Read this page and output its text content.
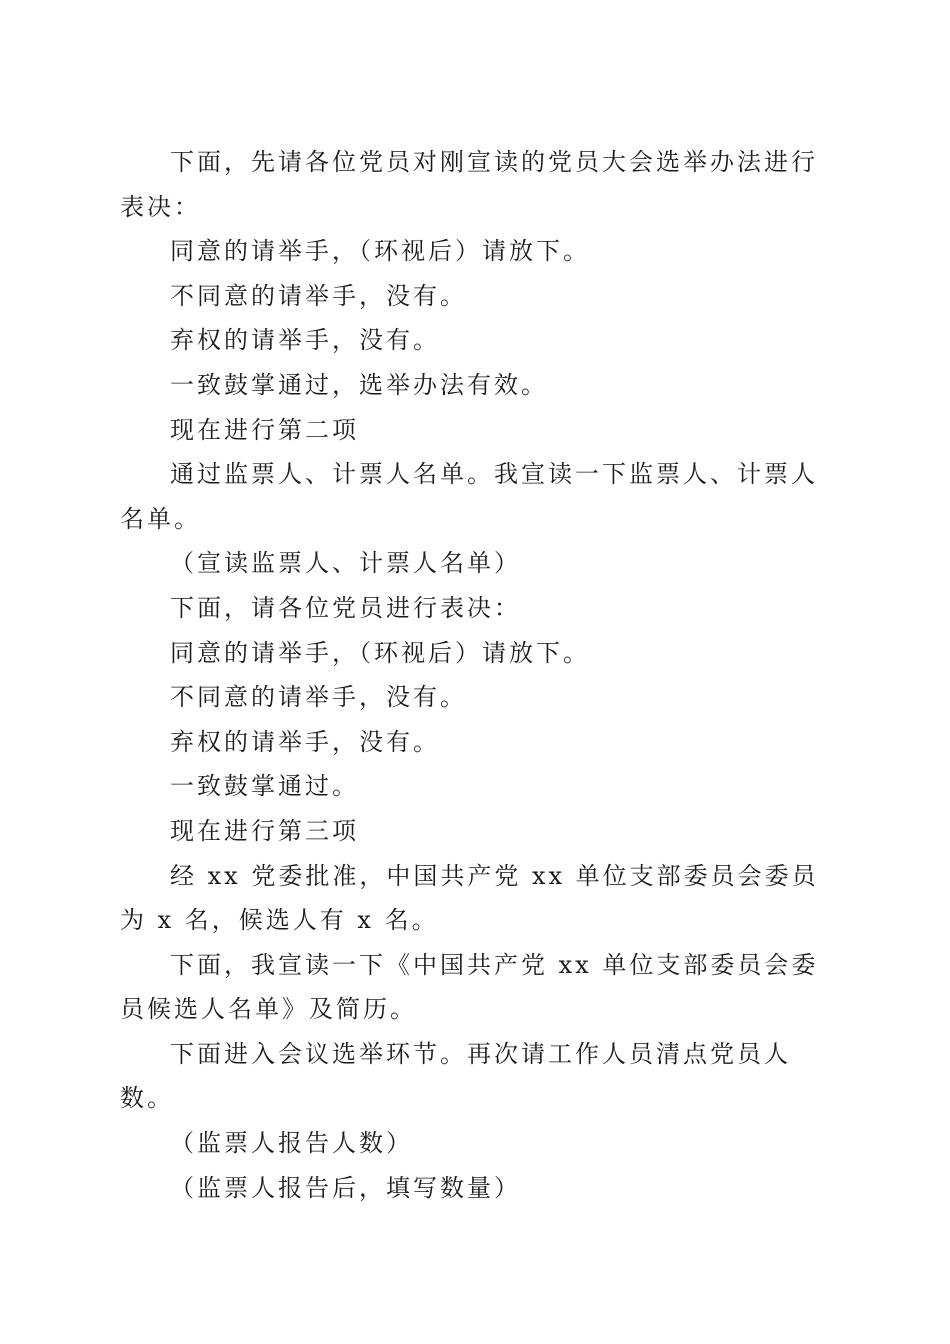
下面，先请各位党员对刚宣读的党员大会选举办法进行表决：

同意的请举手，（环视后）请放下。

不同意的请举手，没有。

弃权的请举手，没有。

一致鼓掌通过，选举办法有效。

现在进行第二项

通过监票人、计票人名单。我宣读一下监票人、计票人名单。

（宣读监票人、计票人名单）

下面，请各位党员进行表决：

同意的请举手，（环视后）请放下。

不同意的请举手，没有。

弃权的请举手，没有。

一致鼓掌通过。

现在进行第三项

经 xx 党委批准，中国共产党 xx 单位支部委员会委员为 x 名，候选人有 x 名。

下面，我宣读一下《中国共产党 xx 单位支部委员会委员候选人名单》及简历。

下面进入会议选举环节。再次请工作人员清点党员人数。

（监票人报告人数）

（监票人报告后，填写数量）
